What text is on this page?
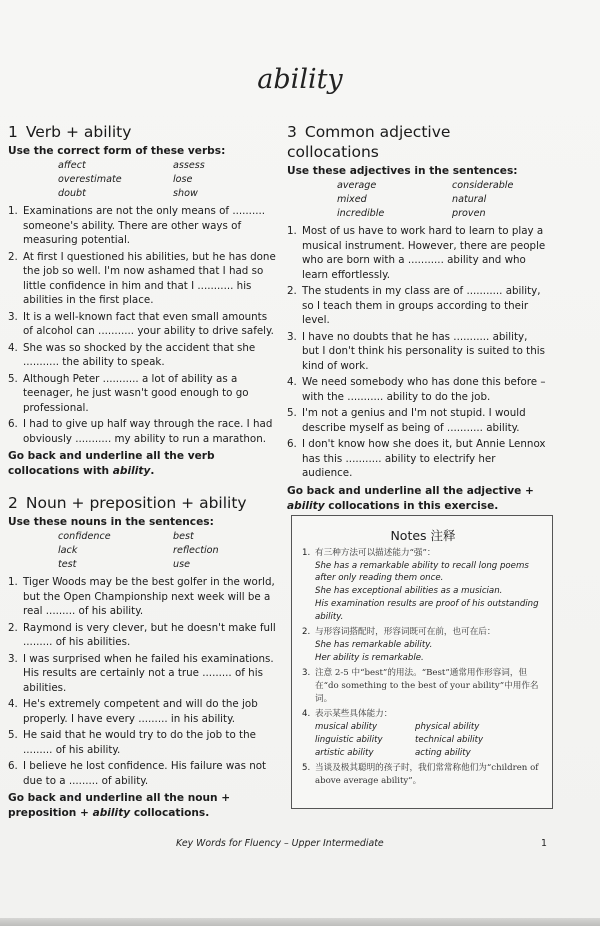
ability
1 Verb + ability
Use the correct form of these verbs:
affect	assess
overestimate	lose
doubt	show
1. Examinations are not the only means of .......... someone's ability. There are other ways of measuring potential.
2. At first I questioned his abilities, but he has done the job so well. I'm now ashamed that I had so little confidence in him and that I ........... his abilities in the first place.
3. It is a well-known fact that even small amounts of alcohol can ........... your ability to drive safely.
4. She was so shocked by the accident that she ........... the ability to speak.
5. Although Peter ........... a lot of ability as a teenager, he just wasn't good enough to go professional.
6. I had to give up half way through the race. I had obviously ........... my ability to run a marathon.
Go back and underline all the verb collocations with ability.
2 Noun + preposition + ability
Use these nouns in the sentences:
confidence	best
lack	reflection
test	use
1. Tiger Woods may be the best golfer in the world, but the Open Championship next week will be a real ......... of his ability.
2. Raymond is very clever, but he doesn't make full ......... of his abilities.
3. I was surprised when he failed his examinations. His results are certainly not a true ......... of his abilities.
4. He's extremely competent and will do the job properly. I have every ......... in his ability.
5. He said that he would try to do the job to the ......... of his ability.
6. I believe he lost confidence. His failure was not due to a ......... of ability.
Go back and underline all the noun + preposition + ability collocations.
3 Common adjective collocations
Use these adjectives in the sentences:
average	considerable
mixed	natural
incredible	proven
1. Most of us have to work hard to learn to play a musical instrument. However, there are people who are born with a ........... ability and who learn effortlessly.
2. The students in my class are of ........... ability, so I teach them in groups according to their level.
3. I have no doubts that he has ........... ability, but I don't think his personality is suited to this kind of work.
4. We need somebody who has done this before – with the ........... ability to do the job.
5. I'm not a genius and I'm not stupid. I would describe myself as being of ........... ability.
6. I don't know how she does it, but Annie Lennox has this ........... ability to electrify her audience.
Go back and underline all the adjective + ability collocations in this exercise.
Notes 注释
1. 有三种方法可以描述能力“强”：
She has a remarkable ability to recall long poems after only reading them once.
She has exceptional abilities as a musician.
His examination results are proof of his outstanding ability.
2. 与形容词搭配时，形容词既可在前，也可在后：
She has remarkable ability.
Her ability is remarkable.
3. 注意 2-5 中“best”的用法。“Best”通常用作形容词，但在“do something to the best of your ability”中用作名词。
4. 表示某些具体能力：
musical ability	physical ability
linguistic ability	technical ability
artistic ability	acting ability
5. 当谈及极其聪明的孩子时，我们常常称他们为“children of above average ability”。
Key Words for Fluency – Upper Intermediate	1
